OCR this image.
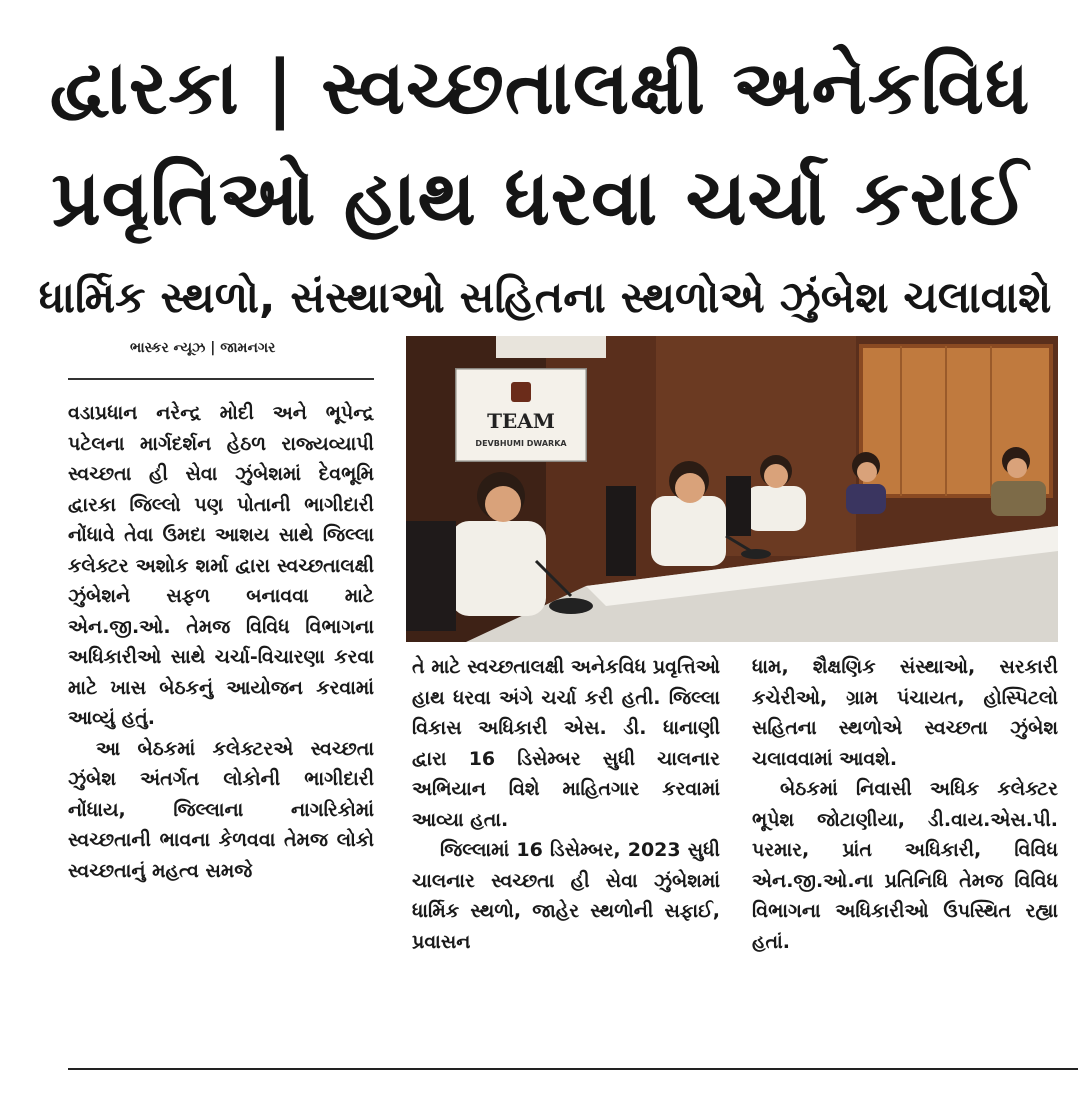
દ્વારકા | સ્વચ્છતાલક્ષી અનેકવિધ
પ્રવૃતિઓ હાથ ધરવા ચર્ચા કરાઈ
ધાર્મિક સ્થળો, સંસ્થાઓ સહિતના સ્થળોએ ઝુંબેશ ચલાવાશે
ભાસ્કર ન્યૂઝ | જામનગર

વડાપ્રધાન નરેન્દ્ર મોદી અને ભૂપેન્દ્ર પટેલના માર્ગદર્શન હેઠળ રાજ્યવ્યાપી સ્વચ્છતા હી સેવા ઝુંબેશમાં દેવભૂમિ દ્વારકા જિલ્લો પણ પોતાની ભાગીદારી નોંધાવે તેવા ઉમદા આશય સાથે જિલ્લા કલેક્ટર અશોક શર્મા દ્વારા સ્વચ્છતાલક્ષી ઝુંબેશને સફળ બનાવવા માટે એન.જી.ઓ. તેમજ વિવિધ વિભાગના અધિકારીઓ સાથે ચર્ચા-વિચારણા કરવા માટે ખાસ બેઠકનું આયોજન કરવામાં આવ્યું હતું.

આ બેઠકમાં કલેક્ટરએ સ્વચ્છતા ઝુંબેશ અંતર્ગત લોકોની ભાગીદારી નોંધાય, જિલ્લાના નાગરિકોમાં સ્વચ્છતાની ભાવના કેળવવા તેમજ લોકો સ્વચ્છતાનું મહત્વ સમજે

TEAM
DEVBHUMI DWARKA

તે માટે સ્વચ્છતાલક્ષી અનેકવિધ પ્રવૃત્તિઓ હાથ ધરવા અંગે ચર્ચા કરી હતી. જિલ્લા વિકાસ અધિકારી એસ. ડી. ધાનાણી દ્વારા 16 ડિસેમ્બર સુધી ચાલનાર અભિયાન વિશે માહિતગાર કરવામાં આવ્યા હતા.

જિલ્લામાં 16 ડિસેમ્બર, 2023 સુધી ચાલનાર સ્વચ્છતા હી સેવા ઝુંબેશમાં ધાર્મિક સ્થળો, જાહેર સ્થળોની સફાઈ, પ્રવાસન

ધામ, શૈક્ષણિક સંસ્થાઓ, સરકારી કચેરીઓ, ગ્રામ પંચાયત, હોસ્પિટલો સહિતના સ્થળોએ સ્વચ્છતા ઝુંબેશ ચલાવવામાં આવશે.

બેઠકમાં નિવાસી અધિક કલેક્ટર ભૂપેશ જોટાણીયા, ડી.વાય.એસ.પી. પરમાર, પ્રાંત અધિકારી, વિવિધ એન.જી.ઓ.ના પ્રતિનિધિ તેમજ વિવિધ વિભાગના અધિકારીઓ ઉપસ્થિત રહ્યા હતાં.
